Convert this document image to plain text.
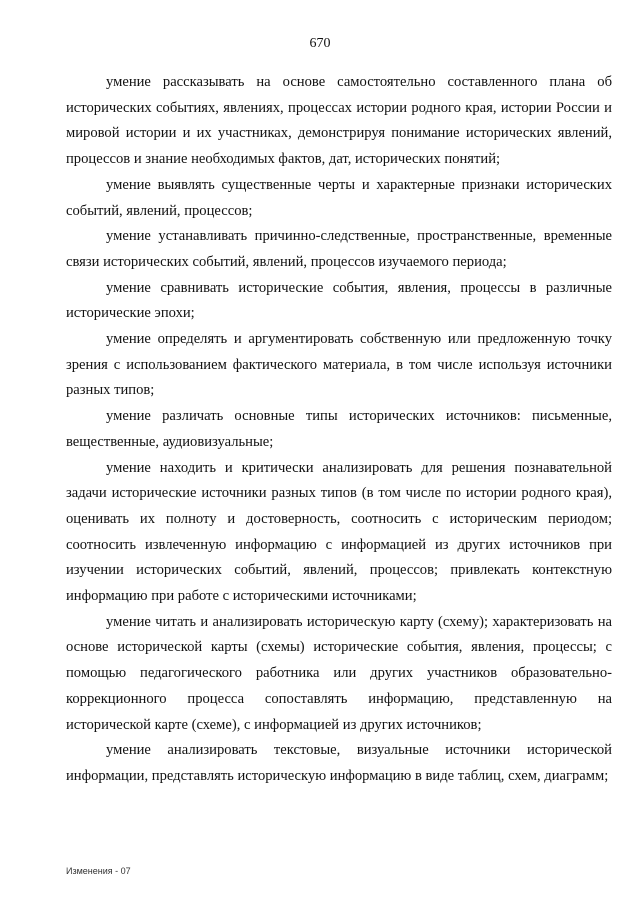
670

умение рассказывать на основе самостоятельно составленного плана об исторических событиях, явлениях, процессах истории родного края, истории России и мировой истории и их участниках, демонстрируя понимание исторических явлений, процессов и знание необходимых фактов, дат, исторических понятий;

умение выявлять существенные черты и характерные признаки исторических событий, явлений, процессов;

умение устанавливать причинно-следственные, пространственные, временные связи исторических событий, явлений, процессов изучаемого периода;

умение сравнивать исторические события, явления, процессы в различные исторические эпохи;

умение определять и аргументировать собственную или предложенную точку зрения с использованием фактического материала, в том числе используя источники разных типов;

умение различать основные типы исторических источников: письменные, вещественные, аудиовизуальные;

умение находить и критически анализировать для решения познавательной задачи исторические источники разных типов (в том числе по истории родного края), оценивать их полноту и достоверность, соотносить с историческим периодом; соотносить извлеченную информацию с информацией из других источников при изучении исторических событий, явлений, процессов; привлекать контекстную информацию при работе с историческими источниками;

умение читать и анализировать историческую карту (схему); характеризовать на основе исторической карты (схемы) исторические события, явления, процессы; с помощью педагогического работника или других участников образовательно-коррекционного процесса сопоставлять информацию, представленную на исторической карте (схеме), с информацией из других источников;

умение анализировать текстовые, визуальные источники исторической информации, представлять историческую информацию в виде таблиц, схем, диаграмм;

Изменения - 07
